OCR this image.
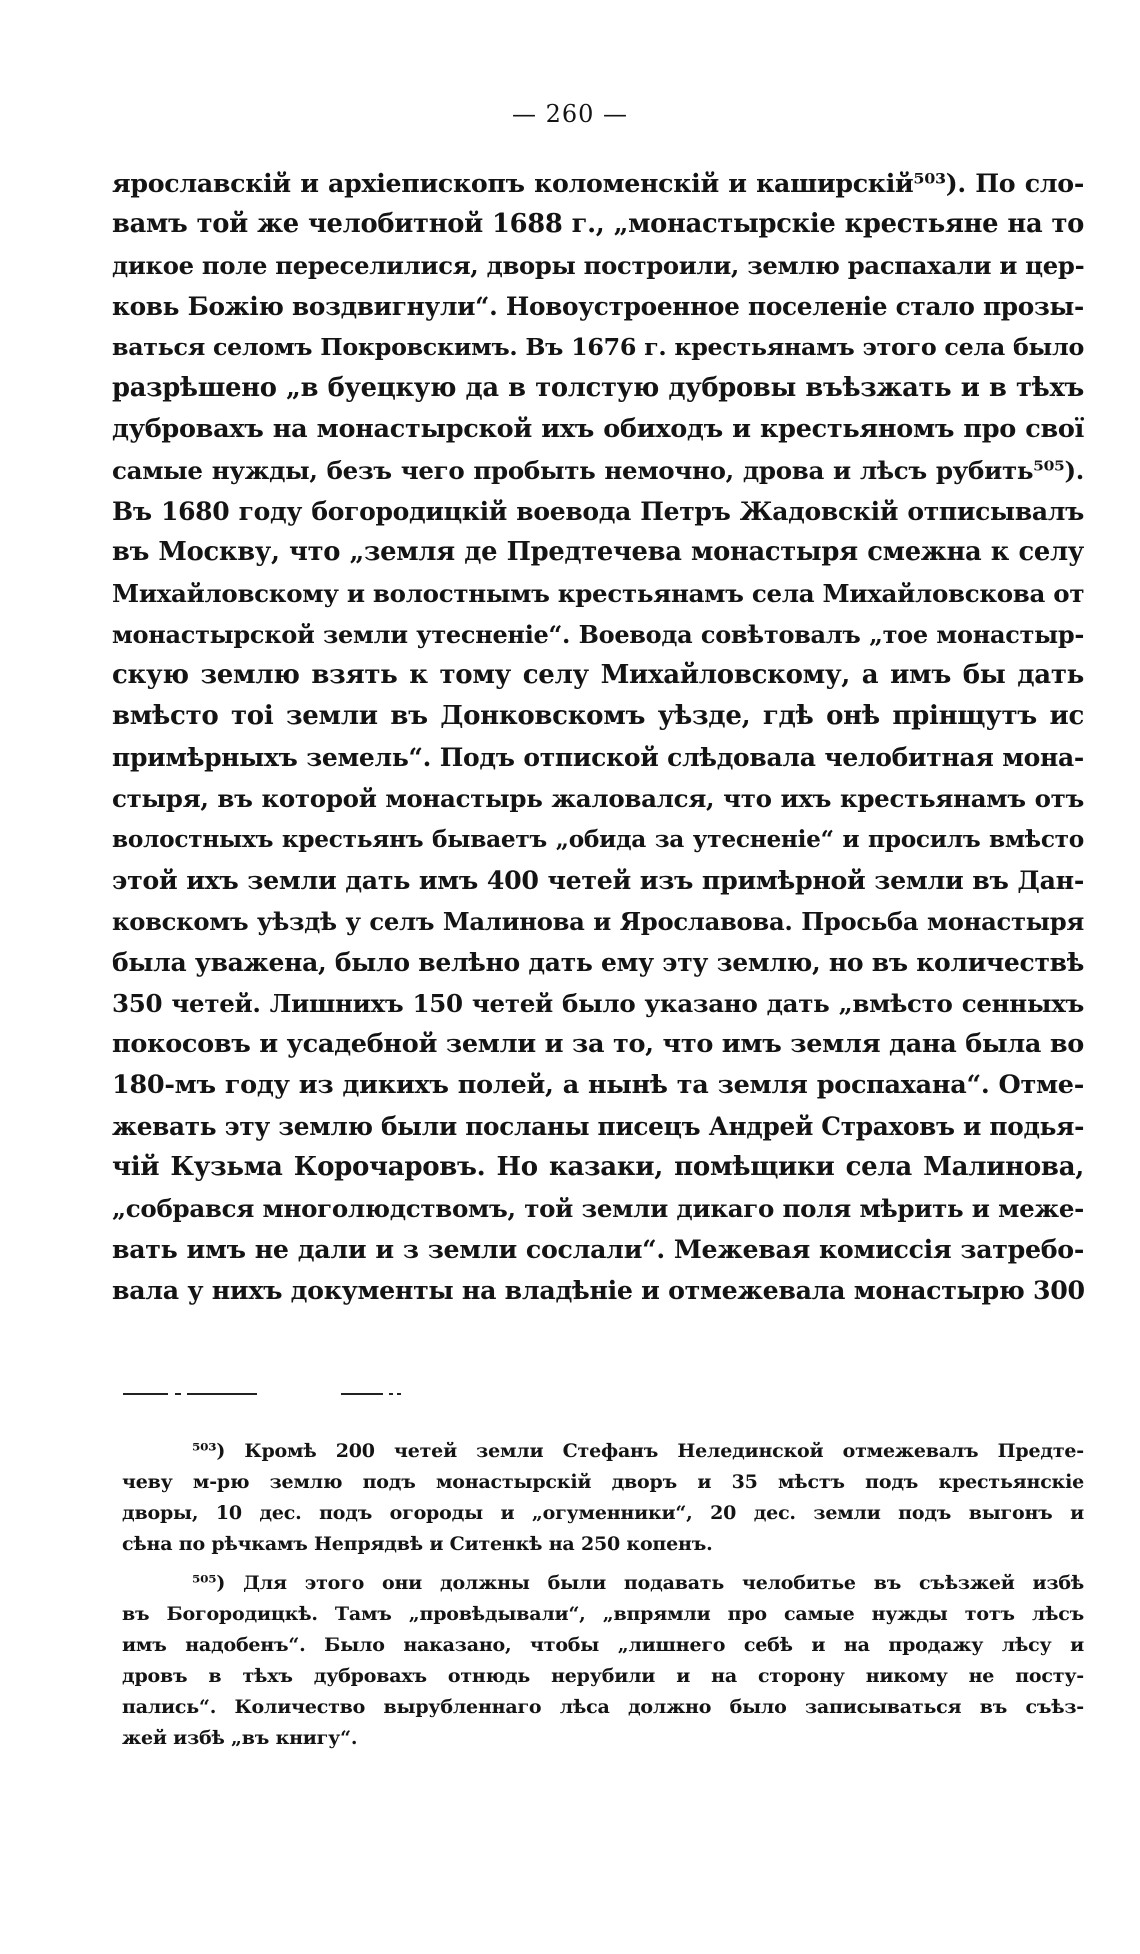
— 260 —
ярославскій и архіепископъ коломенскій и каширскій⁵⁰³). По сло-
вамъ той же челобитной 1688 г., „монастырскіе крестьяне на то
дикое поле переселилися, дворы построили, землю распахали и цер-
ковь Божію воздвигнули“. Новоустроенное поселеніе стало прозы-
ваться селомъ Покровскимъ. Въ 1676 г. крестьянамъ этого села было
разрѣшено „в буецкую да в толстую дубровы въѣзжать и в тѣхъ
дубровахъ на монастырской ихъ обиходъ и крестьяномъ про свої
самые нужды, безъ чего пробыть немочно, дрова и лѣсъ рубить⁵⁰⁵).
Въ 1680 году богородицкій воевода Петръ Жадовскій отписывалъ
въ Москву, что „земля де Предтечева монастыря смежна к селу
Михайловскому и волостнымъ крестьянамъ села Михайловскова от
монастырской земли утесненіе“. Воевода совѣтовалъ „тое монастыр-
скую землю взять к тому селу Михайловскому, а имъ бы дать
вмѣсто тоі земли въ Донковскомъ уѣзде, гдѣ онѣ прінщутъ ис
примѣрныхъ земель“. Подъ отпиской слѣдовала челобитная мона-
стыря, въ которой монастырь жаловался, что ихъ крестьянамъ отъ
волостныхъ крестьянъ бываетъ „обида за утесненіе“ и просилъ вмѣсто
этой ихъ земли дать имъ 400 четей изъ примѣрной земли въ Дан-
ковскомъ уѣздѣ у селъ Малинова и Ярославова. Просьба монастыря
была уважена, было велѣно дать ему эту землю, но въ количествѣ
350 четей. Лишнихъ 150 четей было указано дать „вмѣсто сенныхъ
покосовъ и усадебной земли и за то, что имъ земля дана была во
180-мъ году из дикихъ полей, а нынѣ та земля роспахана“. Отме-
жевать эту землю были посланы писецъ Андрей Страховъ и подья-
чій Кузьма Корочаровъ. Но казаки, помѣщики села Малинова,
„собрався многолюдствомъ, той земли дикаго поля мѣрить и меже-
вать имъ не дали и з земли сослали“. Межевая комиссія затребо-
вала у нихъ документы на владѣніе и отмежевала монастырю 300
⁵⁰³) Кромѣ 200 четей земли Стефанъ Нелединской отмежевалъ Предте-
чеву м-рю землю подъ монастырскій дворъ и 35 мѣстъ подъ крестьянскіе
дворы, 10 дес. подъ огороды и „огуменники“, 20 дес. земли подъ выгонъ и
сѣна по рѣчкамъ Непрядвѣ и Ситенкѣ на 250 копенъ.
⁵⁰⁵) Для этого они должны были подавать челобитье въ съѣзжей избѣ
въ Богородицкѣ. Тамъ „провѣдывали“, „впрямли про самые нужды тотъ лѣсъ
имъ надобенъ“. Было наказано, чтобы „лишнего себѣ и на продажу лѣсу и
дровъ в тѣхъ дубровахъ отнюдь нерубили и на сторону никому не посту-
пались“. Количество вырубленнаго лѣса должно было записываться въ съѣз-
жей избѣ „въ книгу“.
